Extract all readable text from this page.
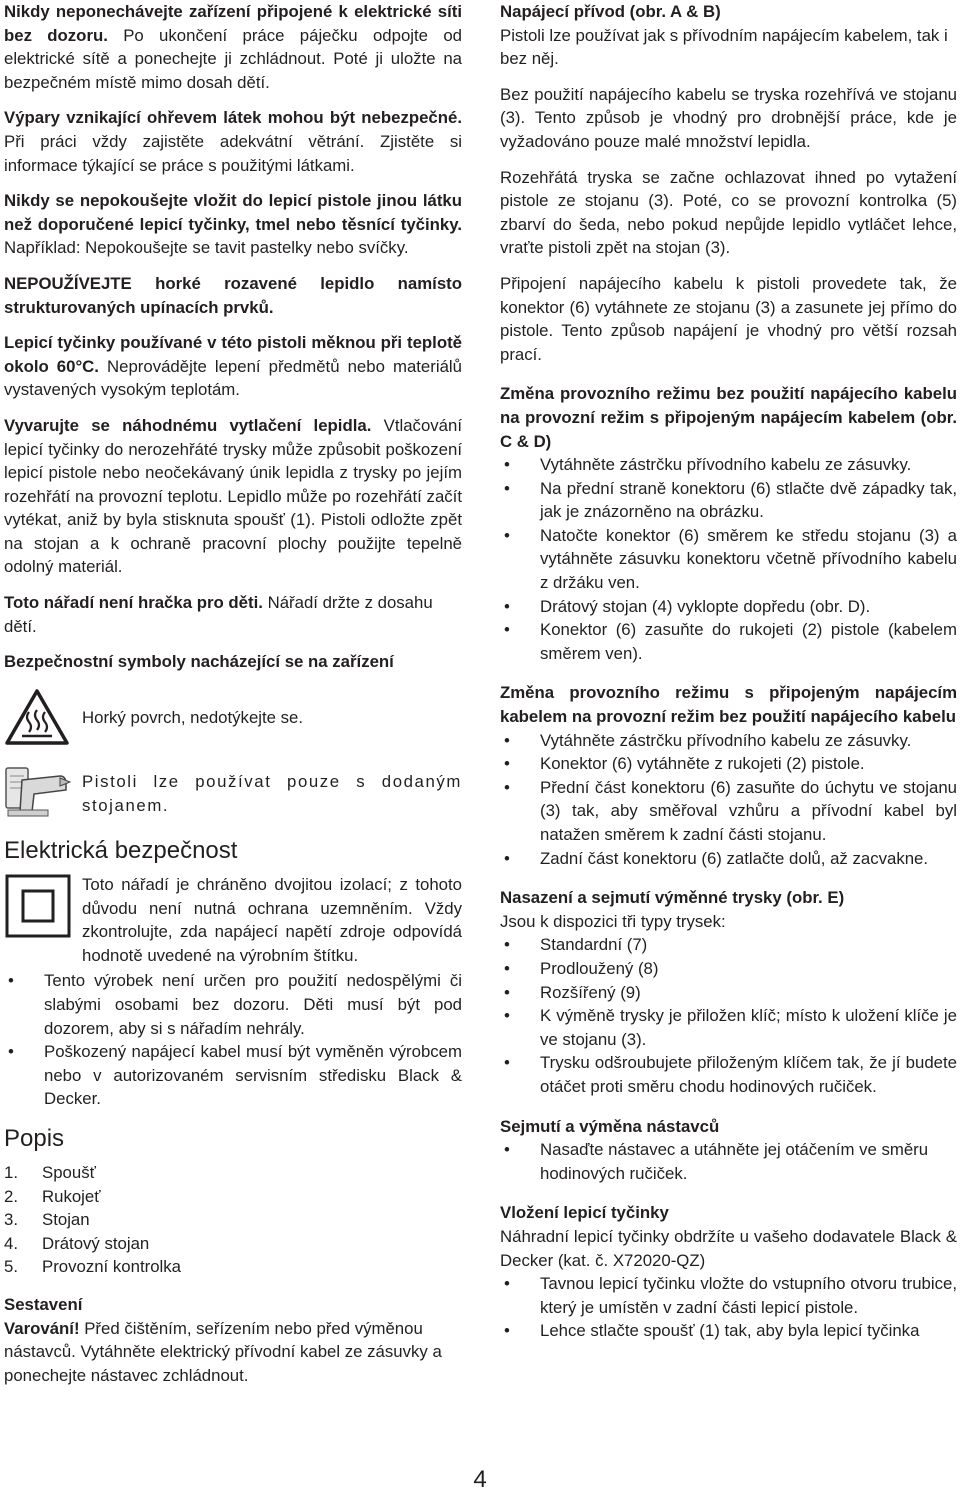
Nikdy neponechávejte zařízení připojené k elektrické síti bez dozoru. Po ukončení práce páječku odpojte od elektrické sítě a ponechejte ji zchládnout. Poté ji uložte na bezpečném místě mimo dosah dětí.
Výpary vznikající ohřevem látek mohou být nebezpečné. Při práci vždy zajistěte adekvátní větrání. Zjistěte si informace týkající se práce s použitými látkami.
Nikdy se nepokoušejte vložit do lepicí pistole jinou látku než doporučené lepicí tyčinky, tmel nebo těsnící tyčinky. Například: Nepokoušejte se tavit pastelky nebo svíčky.
NEPOUŽÍVEJTE horké rozavené lepidlo namísto strukturovaných upínacích prvků.
Lepicí tyčinky používané v této pistoli měknou při teplotě okolo 60°C. Neprovádějte lepení předmětů nebo materiálů vystavených vysokým teplotám.
Vyvarujte se náhodnému vytlačení lepidla. Vtlačování lepicí tyčinky do nerozehřáté trysky může způsobit poškození lepicí pistole nebo neočekávaný únik lepidla z trysky po jejím rozehřátí na provozní teplotu. Lepidlo může po rozehřátí začít vytékat, aniž by byla stisknuta spoušť (1). Pistoli odložte zpět na stojan a k ochraně pracovní plochy použijte tepelně odolný materiál.
Toto nářadí není hračka pro děti. Nářadí držte z dosahu dětí.
Bezpečnostní symboly nacházející se na zařízení
Horký povrch, nedotýkejte se.
Pistoli lze používat pouze s dodaným stojanem.
Elektrická bezpečnost
Toto nářadí je chráněno dvojitou izolací; z tohoto důvodu není nutná ochrana uzemněním. Vždy zkontrolujte, zda napájecí napětí zdroje odpovídá hodnotě uvedené na výrobním štítku.
• Tento výrobek není určen pro použití nedospělými či slabými osobami bez dozoru. Děti musí být pod dozorem, aby si s nářadím nehrály.
• Poškozený napájecí kabel musí být vyměněn výrobcem nebo v autorizovaném servisním středisku Black & Decker.
Popis
1.	Spoušť
2.	Rukojeť
3.	Stojan
4.	Drátový stojan
5.	Provozní kontrolka
Sestavení
Varování! Před čištěním, seřízením nebo před výměnou nástavců. Vytáhněte elektrický přívodní kabel ze zásuvky a ponechejte nástavec zchládnout.
Napájecí přívod (obr. A & B)
Pistoli lze používat jak s přívodním napájecím kabelem, tak i bez něj.
Bez použití napájecího kabelu se tryska rozehřívá ve stojanu (3). Tento způsob je vhodný pro drobnější práce, kde je vyžadováno pouze malé množství lepidla.
Rozehřátá tryska se začne ochlazovat ihned po vytažení pistole ze stojanu (3). Poté, co se provozní kontrolka (5) zbarví do šeda, nebo pokud nepůjde lepidlo vytláčet lehce, vraťte pistoli zpět na stojan (3).
Připojení napájecího kabelu k pistoli provedete tak, že konektor (6) vytáhnete ze stojanu (3) a zasunete jej přímo do pistole. Tento způsob napájení je vhodný pro větší rozsah prací.
Změna provozního režimu bez použití napájecího kabelu na provozní režim s připojeným napájecím kabelem (obr. C & D)
• Vytáhněte zástrčku přívodního kabelu ze zásuvky.
• Na přední straně konektoru (6) stlačte dvě západky tak, jak je znázorněno na obrázku.
• Natočte konektor (6) směrem ke středu stojanu (3) a vytáhněte zásuvku konektoru včetně přívodního kabelu z držáku ven.
• Drátový stojan (4) vyklopte dopředu (obr. D).
• Konektor (6) zasuňte do rukojeti (2) pistole (kabelem směrem ven).
Změna provozního režimu s připojeným napájecím kabelem na provozní režim bez použití napájecího kabelu
• Vytáhněte zástrčku přívodního kabelu ze zásuvky.
• Konektor (6) vytáhněte z rukojeti (2) pistole.
• Přední část konektoru (6) zasuňte do úchytu ve stojanu (3) tak, aby směřoval vzhůru a přívodní kabel byl natažen směrem k zadní části stojanu.
• Zadní část konektoru (6) zatlačte dolů, až zacvakne.
Nasazení a sejmutí výměnné trysky (obr. E)
Jsou k dispozici tři typy trysek:
• Standardní (7)
• Prodloužený (8)
• Rozšířený (9)
• K výměně trysky je přiložen klíč; místo k uložení klíče je ve stojanu (3).
• Trysku odšroubujete přiloženým klíčem tak, že jí budete otáčet proti směru chodu hodinových ručiček.
Sejmutí a výměna nástavců
• Nasaďte nástavec a utáhněte jej otáčením ve směru hodinových ručiček.
Vložení lepicí tyčinky
Náhradní lepicí tyčinky obdržíte u vašeho dodavatele Black & Decker (kat. č. X72020-QZ)
• Tavnou lepicí tyčinku vložte do vstupního otvoru trubice, který je umístěn v zadní části lepicí pistole.
• Lehce stlačte spoušť (1) tak, aby byla lepicí tyčinka
4
